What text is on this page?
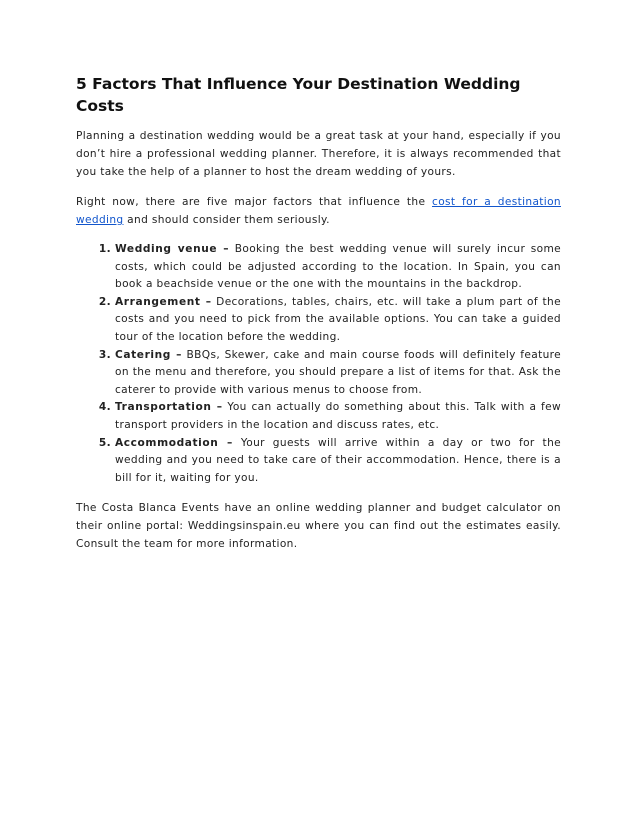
5 Factors That Influence Your Destination Wedding Costs

Planning a destination wedding would be a great task at your hand, especially if you don’t hire a professional wedding planner. Therefore, it is always recommended that you take the help of a planner to host the dream wedding of yours.

Right now, there are five major factors that influence the cost for a destination wedding and should consider them seriously.

1. Wedding venue – Booking the best wedding venue will surely incur some costs, which could be adjusted according to the location. In Spain, you can book a beachside venue or the one with the mountains in the backdrop.
2. Arrangement – Decorations, tables, chairs, etc. will take a plum part of the costs and you need to pick from the available options. You can take a guided tour of the location before the wedding.
3. Catering – BBQs, Skewer, cake and main course foods will definitely feature on the menu and therefore, you should prepare a list of items for that. Ask the caterer to provide with various menus to choose from.
4. Transportation – You can actually do something about this. Talk with a few transport providers in the location and discuss rates, etc.
5. Accommodation – Your guests will arrive within a day or two for the wedding and you need to take care of their accommodation. Hence, there is a bill for it, waiting for you.

The Costa Blanca Events have an online wedding planner and budget calculator on their online portal: Weddingsinspain.eu where you can find out the estimates easily. Consult the team for more information.
